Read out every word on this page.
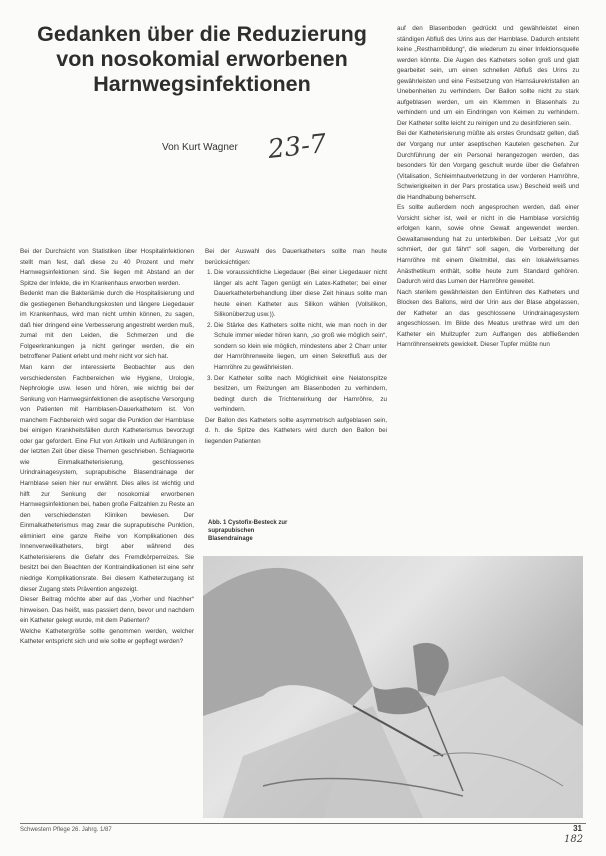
Gedanken über die Reduzierung
von nosokomial erworbenen
Harnwegsinfektionen
Von Kurt Wagner 23-7

Bei der Durchsicht von Statistiken über Hospitalinfektionen stellt man fest, daß diese zu 40 Prozent und mehr Harnwegsinfektionen sind. Sie liegen mit Abstand an der Spitze der Infekte, die im Krankenhaus erworben werden.

Bedenkt man die Bakteriämie durch die Hospitalisierung und die gestiegenen Behandlungskosten und längere Liegedauer im Krankenhaus, wird man nicht umhin können, zu sagen, daß hier dringend eine Verbesserung angestrebt werden muß, zumal mit den Leiden, die Schmerzen und die Folgeerkrankungen ja nicht geringer werden, die ein betroffener Patient erlebt und mehr nicht vor sich hat.

Man kann der interessierte Beobachter aus den verschiedensten Fachbereichen wie Hygiene, Urologie, Nephrologie usw. lesen und hören, wie wichtig bei der Senkung von Harnwegsinfektionen die aseptische Versorgung von Patienten mit Harnblasen-Dauerkathetern ist. Von manchem Fachbereich wird sogar die Punktion der Harnblase bei einigen Krankheitsfällen durch Katheterismus bevorzugt oder gar gefordert. Eine Flut von Artikeln und Aufklärungen in der letzten Zeit über diese Themen geschrieben. Schlagworte wie Einmalkatheterisierung, geschlossenes Urindrainagesystem, suprapubische Blasendrainage der Harnblase seien hier nur erwähnt. Dies alles ist wichtig und hilft zur Senkung der nosokomial erworbenen Harnwegsinfektionen bei, haben große Fallzahlen zu Reste an den verschiedensten Kliniken bewiesen. Der Einmalkatheterismus mag zwar die suprapubische Punktion, eliminiert eine ganze Reihe von Komplikationen des Innenverweilkatheters, birgt aber während des Katheterisierens die Gefahr des Fremdkörperreizes. Sie besitzt bei den Beachten der Kontraindikationen ist eine sehr niedrige Komplikationsrate. Bei diesem Katheterzugang ist dieser Zugang stets Prävention angezeigt.

Dieser Beitrag möchte aber auf das „Vorher und Nachher“ hinweisen. Das heißt, was passiert denn, bevor und nachdem ein Katheter gelegt wurde, mit dem Patienten?

Welche Kathetergröße sollte genommen werden, welcher Katheter entspricht sich und wie sollte er gepflegt werden?

Bei der Auswahl des Dauerkatheters sollte man heute berücksichtigen:

1. Die voraussichtliche Liegedauer (Bei einer Liegedauer nicht länger als acht Tagen genügt ein Latex-Katheter; bei einer Dauerkatheterbehandlung über diese Zeit hinaus sollte man heute einen Katheter aus Silikon wählen (Vollsilikon, Silikonüberzug usw.)).
2. Die Stärke des Katheters sollte nicht, wie man noch in der Schule immer wieder hören kann, „so groß wie möglich sein“, sondern so klein wie möglich, mindestens aber 2 Charr unter der Harnröhrenweite liegen, um einen Sekretfluß aus der Harnröhre zu gewährleisten.
3. Der Katheter sollte nach Möglichkeit eine Nelatonspitze besitzen, um Reizungen am Blasenboden zu verhindern, bedingt durch die Trichterwirkung der Harnröhre, zu verhindern.

Der Ballon des Katheters sollte asymmetrisch aufgeblasen sein, d. h. die Spitze des Katheters wird durch den Ballon bei liegenden Patienten

auf den Blasenboden gedrückt und gewährleistet einen ständigen Abfluß des Urins aus der Harnblase. Dadurch entsteht keine „Restharnbildung“, die wiederum zu einer Infektionsquelle werden könnte. Die Augen des Katheters sollen groß und glatt gearbeitet sein, um einen schnellen Abfluß des Urins zu gewährleisten und eine Festsetzung von Harnsäurekristallen an Unebenheiten zu verhindern. Der Ballon sollte nicht zu stark aufgeblasen werden, um ein Klemmen in Blasenhals zu verhindern und um ein Eindringen von Keimen zu verhindern. Der Katheter sollte leicht zu reinigen und zu desinfizieren sein.

Bei der Katheterisierung müßte als erstes Grundsatz gelten, daß der Vorgang nur unter aseptischen Kautelen geschehen. Zur Durchführung der ein Personal herangezogen werden, das besonders für den Vorgang geschult wurde über die Gefahren (Vitalisation, Schleimhautverletzung in der vorderen Harnröhre, Schwierigkeiten in der Pars prostatica usw.) Bescheid weiß und die Handhabung beherrscht.

Es sollte außerdem noch angesprochen werden, daß einer Vorsicht sicher ist, weil er nicht in die Harnblase vorsichtig erfolgen kann, sowie ohne Gewalt angewendet werden. Gewaltanwendung hat zu unterbleiben. Der Leitsatz „Vor gut schmiert, der gut fährt“ soll sagen, die Vorbereitung der Harnröhre mit einem Gleitmittel, das ein lokalwirksames Anästhetikum enthält, sollte heute zum Standard gehören. Dadurch wird das Lumen der Harnröhre geweitet.

Nach sterilem gewährleisten den Einführen des Katheters und Blocken des Ballons, wird der Urin aus der Blase abgelassen, der Katheter an das geschlossene Urindrainagesystem angeschlossen. Im Bilde des Meatus urethrae wird um den Katheter ein Mullzupfer zum Auffangen des abfließenden Harnröhrensekrets gewickelt. Dieser Tupfer müßte nun

Abb. 1 Cystofix-Besteck zur suprapubischen Blasendrainage
Schwestern Pflege 26. Jahrg. 1/87	31
182
